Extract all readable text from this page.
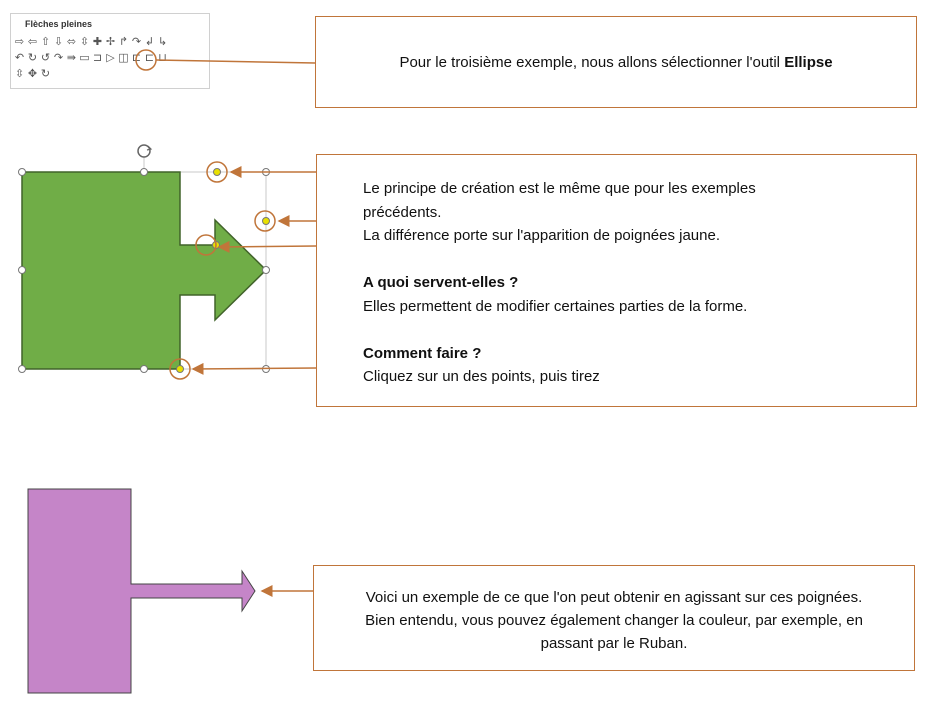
Flèches pleines
⇨ ⇦ ⇧ ⇩ ⬄ ⇳ ✚ ✢ ↱ ↷ ↲ ↳
↶ ↻ ↺ ↷ ⇛ ▭ ⊐ ▷ ◫ ⊏ ⊏ ⊔
⇳ ✥ ↻
Pour le troisième exemple, nous allons sélectionner l'outil Ellipse
Le principe de création est le même que pour les exemples
précédents.
La différence porte sur l'apparition de poignées jaune.
A quoi servent-elles ?
Elles permettent de modifier certaines parties de la forme.
Comment faire ?
Cliquez sur un des points, puis tirez
Voici un exemple de ce que l'on peut obtenir en agissant sur ces poignées.
Bien entendu, vous pouvez également changer la couleur, par exemple, en
passant par le Ruban.
